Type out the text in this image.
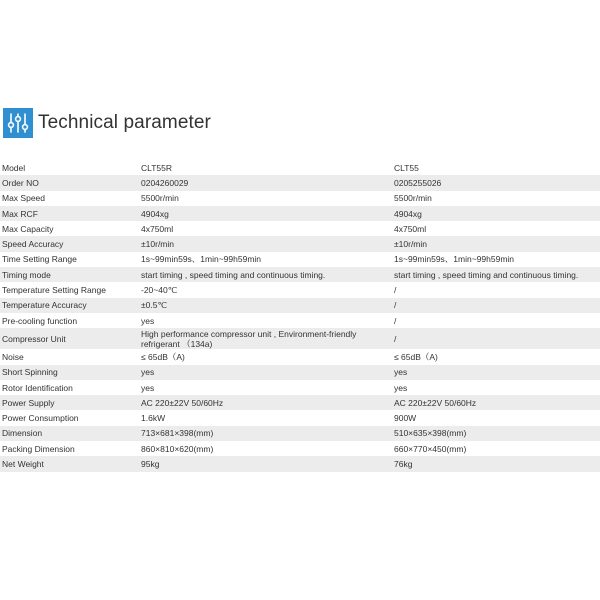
Technical parameter
Model	CLT55R	CLT55
Order NO	0204260029	0205255026
Max Speed	5500r/min	5500r/min
Max RCF	4904xg	4904xg
Max Capacity	4x750ml	4x750ml
Speed Accuracy	±10r/min	±10r/min
Time Setting Range	1s~99min59s、1min~99h59min	1s~99min59s、1min~99h59min
Timing mode	start timing , speed timing and continuous timing.	start timing , speed timing and continuous timing.
Temperature Setting Range	-20~40℃	/
Temperature Accuracy	±0.5℃	/
Pre-cooling function	yes	/
Compressor Unit	High performance compressor unit , Environment-friendly refrigerant （134a)	/
Noise	≤ 65dB（A)	≤ 65dB（A)
Short Spinning	yes	yes
Rotor Identification	yes	yes
Power Supply	AC 220±22V 50/60Hz	AC 220±22V 50/60Hz
Power Consumption	1.6kW	900W
Dimension	713×681×398(mm)	510×635×398(mm)
Packing Dimension	860×810×620(mm)	660×770×450(mm)
Net Weight	95kg	76kg
